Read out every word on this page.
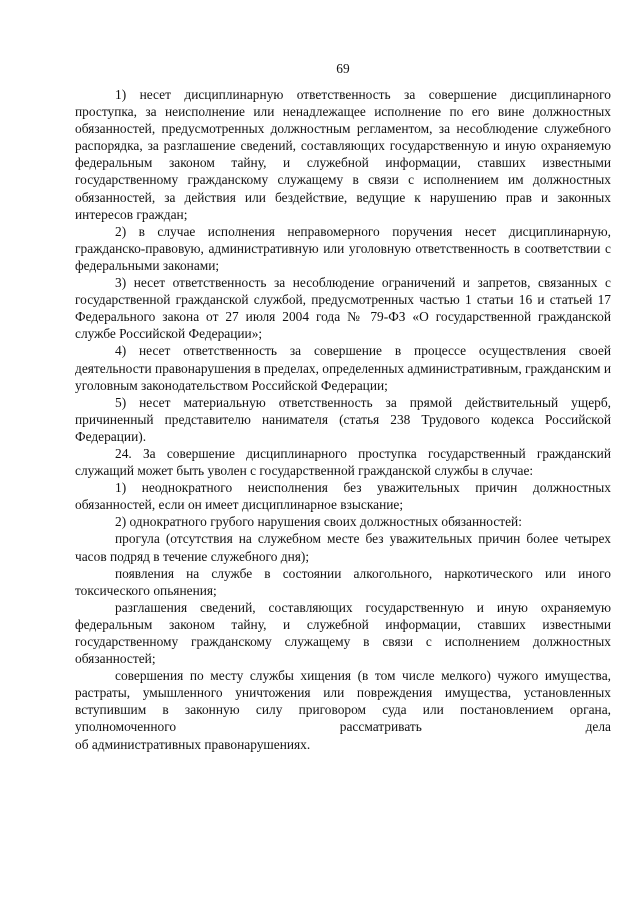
69

1) несет дисциплинарную ответственность за совершение дисциплинарного проступка, за неисполнение или ненадлежащее исполнение по его вине должностных обязанностей, предусмотренных должностным регламентом, за несоблюдение служебного распорядка, за разглашение сведений, составляющих государственную и иную охраняемую федеральным законом тайну, и служебной информации, ставших известными государственному гражданскому служащему в связи с исполнением им должностных обязанностей, за действия или бездействие, ведущие к нарушению прав и законных интересов граждан;

2) в случае исполнения неправомерного поручения несет дисциплинарную, гражданско-правовую, административную или уголовную ответственность в соответствии с федеральными законами;

3) несет ответственность за несоблюдение ограничений и запретов, связанных с государственной гражданской службой, предусмотренных частью 1 статьи 16 и статьей 17 Федерального закона от 27 июля 2004 года № 79-ФЗ «О государственной гражданской службе Российской Федерации»;

4) несет ответственность за совершение в процессе осуществления своей деятельности правонарушения в пределах, определенных административным, гражданским и уголовным законодательством Российской Федерации;

5) несет материальную ответственность за прямой действительный ущерб, причиненный представителю нанимателя (статья 238 Трудового кодекса Российской Федерации).

24. За совершение дисциплинарного проступка государственный гражданский служащий может быть уволен с государственной гражданской службы в случае:

1) неоднократного неисполнения без уважительных причин должностных обязанностей, если он имеет дисциплинарное взыскание;

2) однократного грубого нарушения своих должностных обязанностей:

прогула (отсутствия на служебном месте без уважительных причин более четырех часов подряд в течение служебного дня);

появления на службе в состоянии алкогольного, наркотического или иного токсического опьянения;

разглашения сведений, составляющих государственную и иную охраняемую федеральным законом тайну, и служебной информации, ставших известными государственному гражданскому служащему в связи с исполнением должностных обязанностей;

совершения по месту службы хищения (в том числе мелкого) чужого имущества, растраты, умышленного уничтожения или повреждения имущества, установленных вступившим в законную силу приговором суда или постановлением органа, уполномоченного рассматривать дела

об административных правонарушениях.
